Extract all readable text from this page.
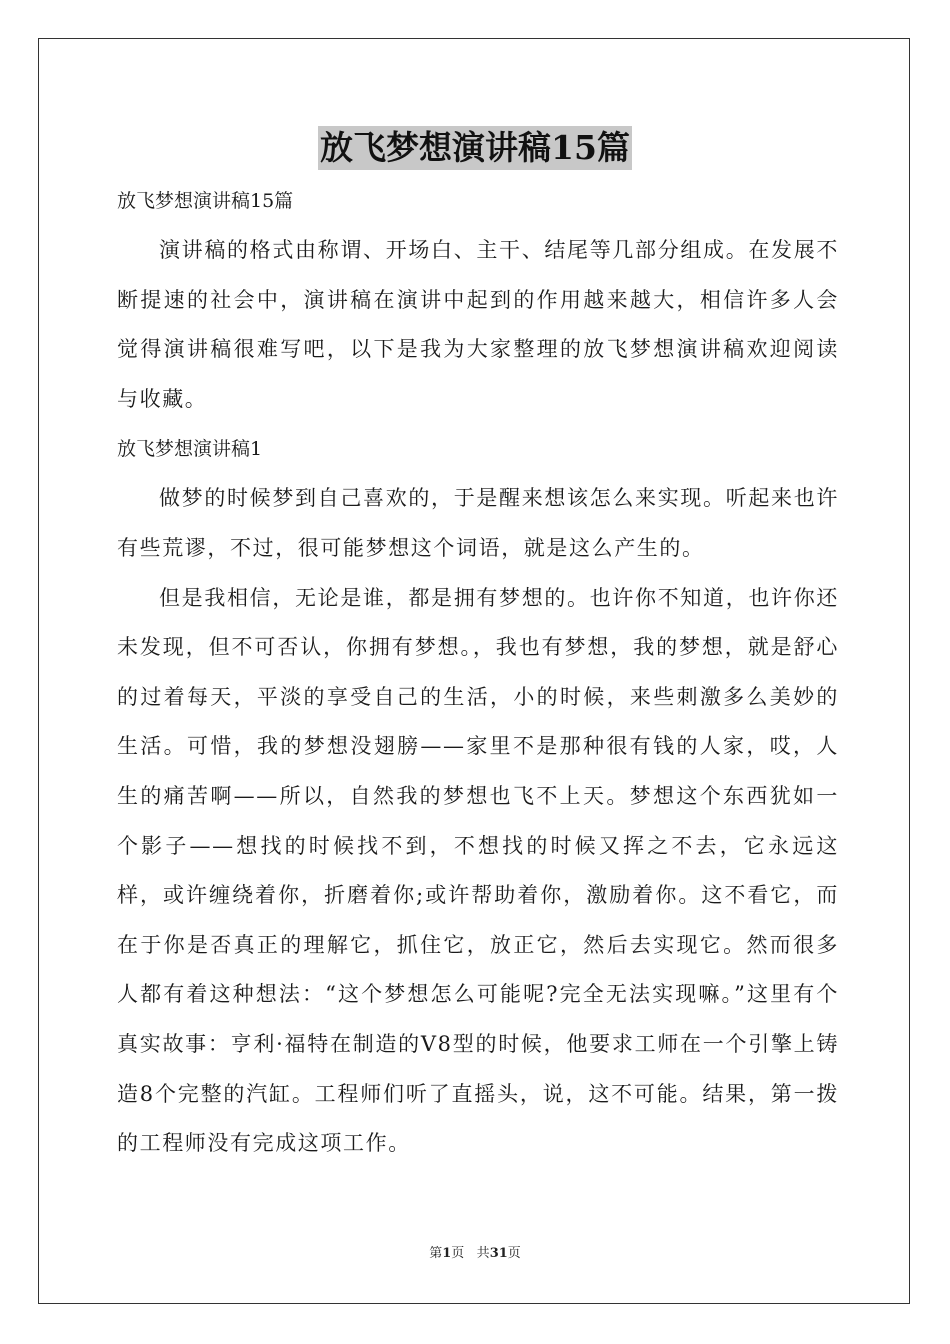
放飞梦想演讲稿15篇

放飞梦想演讲稿15篇

演讲稿的格式由称谓、开场白、主干、结尾等几部分组成。在发展不断提速的社会中，演讲稿在演讲中起到的作用越来越大，相信许多人会觉得演讲稿很难写吧，以下是我为大家整理的放飞梦想演讲稿欢迎阅读与收藏。

放飞梦想演讲稿1

做梦的时候梦到自己喜欢的，于是醒来想该怎么来实现。听起来也许有些荒谬，不过，很可能梦想这个词语，就是这么产生的。

但是我相信，无论是谁，都是拥有梦想的。也许你不知道，也许你还未发现，但不可否认，你拥有梦想。，我也有梦想，我的梦想，就是舒心的过着每天，平淡的享受自己的生活，小的时候，来些刺激多么美妙的生活。可惜，我的梦想没翅膀——家里不是那种很有钱的人家，哎，人生的痛苦啊——所以，自然我的梦想也飞不上天。梦想这个东西犹如一个影子——想找的时候找不到，不想找的时候又挥之不去，它永远这样，或许缠绕着你，折磨着你;或许帮助着你，激励着你。这不看它，而在于你是否真正的理解它，抓住它，放正它，然后去实现它。然而很多人都有着这种想法：“这个梦想怎么可能呢?完全无法实现嘛。”这里有个真实故事：亨利·福特在制造的V8型的时候，他要求工师在一个引擎上铸造8个完整的汽缸。工程师们听了直摇头，说，这不可能。结果，第一拨的工程师没有完成这项工作。

第1页 共31页
